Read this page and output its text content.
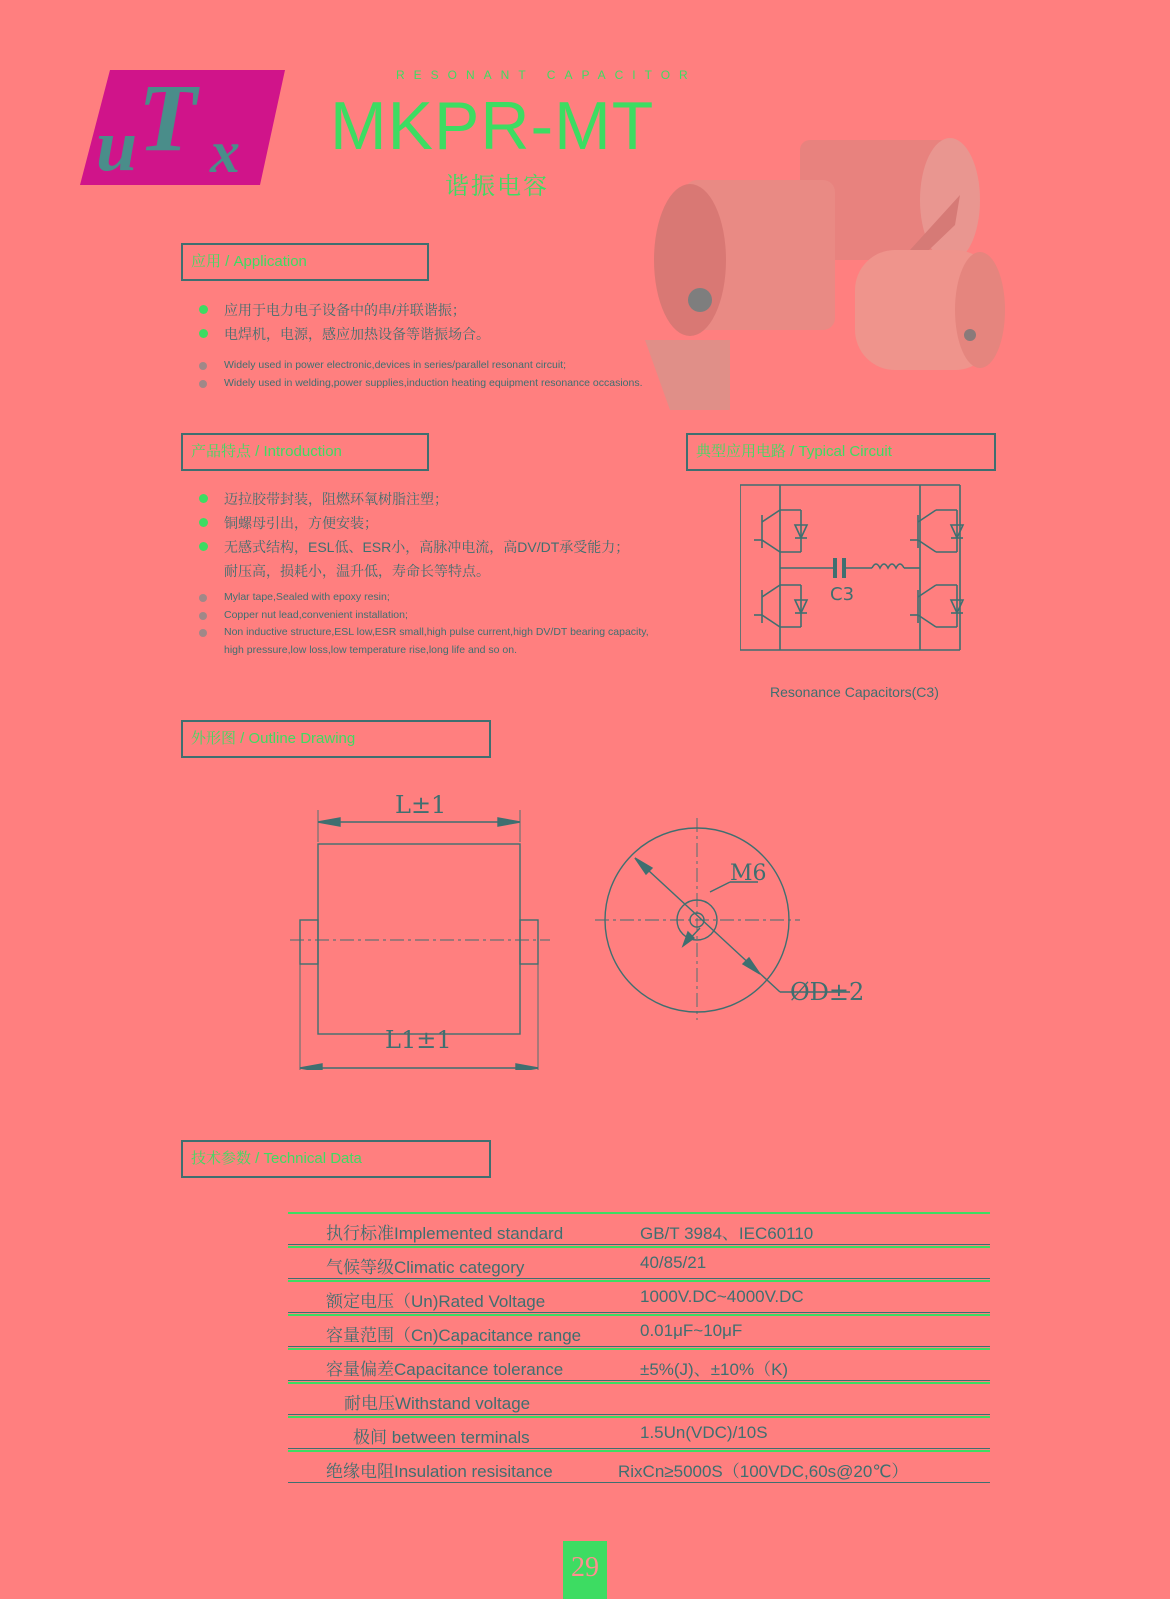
u T x
RESONANT CAPACITOR
MKPR-MT
谐振电容
应用 / Application
应用于电力电子设备中的串/并联谐振；
电焊机，电源，感应加热设备等谐振场合。
Widely used in power electronic,devices in series/parallel resonant circuit;
Widely used in welding,power supplies,induction heating equipment resonance occasions.
产品特点 / Introduction
迈拉胶带封装，阻燃环氧树脂注塑；
铜螺母引出，方便安装；
无感式结构，ESL低、ESR小，高脉冲电流，高DV/DT承受能力；
耐压高，损耗小，温升低，寿命长等特点。
Mylar tape,Sealed with epoxy resin;
Copper nut lead,convenient installation;
Non inductive structure,ESL low,ESR small,high pulse current,high DV/DT bearing capacity,
high pressure,low loss,low temperature rise,long life and so on.
典型应用电路 / Typical Circuit
C3
Resonance Capacitors(C3)
外形图 / Outline Drawing
L±1
L1±1
ØD±2
M6
技术参数 / Technical Data
执行标准Implemented standard	GB/T 3984、IEC60110
气候等级Climatic category	40/85/21
额定电压（Un)Rated Voltage	1000V.DC~4000V.DC
容量范围（Cn)Capacitance range	0.01μF~10μF
容量偏差Capacitance tolerance	±5%(J)、±10%（K)
耐电压Withstand voltage
极间 between terminals	1.5Un(VDC)/10S
绝缘电阻Insulation resisitance	RixCn≥5000S（100VDC,60s@20℃）
29
